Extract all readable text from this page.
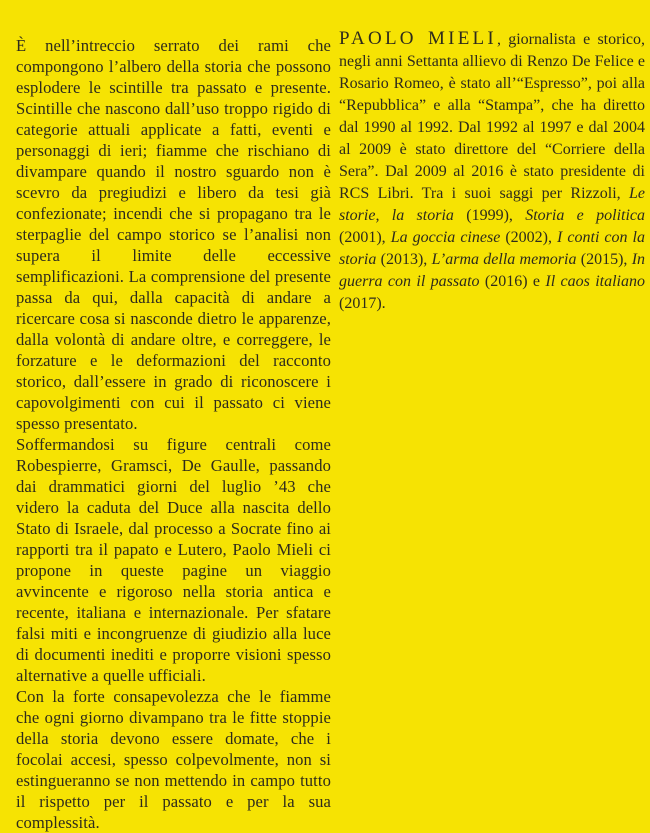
È nell’intreccio serrato dei rami che compongono l’albero della storia che possono esplodere le scintille tra passato e presente. Scintille che nascono dall’uso troppo rigido di categorie attuali applicate a fatti, eventi e personaggi di ieri; fiamme che rischiano di divampare quando il nostro sguardo non è scevro da pregiudizi e libero da tesi già confezionate; incendi che si propagano tra le sterpaglie del campo storico se l’analisi non supera il limite delle eccessive semplificazioni. La comprensione del presente passa da qui, dalla capacità di andare a ricercare cosa si nasconde dietro le apparenze, dalla volontà di andare oltre, e correggere, le forzature e le deformazioni del racconto storico, dall’essere in grado di riconoscere i capovolgimenti con cui il passato ci viene spesso presentato.

Soffermandosi su figure centrali come Robespierre, Gramsci, De Gaulle, passando dai drammatici giorni del luglio ’43 che videro la caduta del Duce alla nascita dello Stato di Israele, dal processo a Socrate fino ai rapporti tra il papato e Lutero, Paolo Mieli ci propone in queste pagine un viaggio avvincente e rigoroso nella storia antica e recente, italiana e internazionale. Per sfatare falsi miti e incongruenze di giudizio alla luce di documenti inediti e proporre visioni spesso alternative a quelle ufficiali.

Con la forte consapevolezza che le fiamme che ogni giorno divampano tra le fitte stoppie della storia devono essere domate, che i focolai accesi, spesso colpevolmente, non si estingueranno se non mettendo in campo tutto il rispetto per il passato e per la sua complessità.

PAOLO MIELI, giornalista e storico, negli anni Settanta allievo di Renzo De Felice e Rosario Romeo, è stato all’“Espresso”, poi alla “Repubblica” e alla “Stampa”, che ha diretto dal 1990 al 1992. Dal 1992 al 1997 e dal 2004 al 2009 è stato direttore del “Corriere della Sera”. Dal 2009 al 2016 è stato presidente di RCS Libri. Tra i suoi saggi per Rizzoli, Le storie, la storia (1999), Storia e politica (2001), La goccia cinese (2002), I conti con la storia (2013), L’arma della memoria (2015), In guerra con il passato (2016) e Il caos italiano (2017).
